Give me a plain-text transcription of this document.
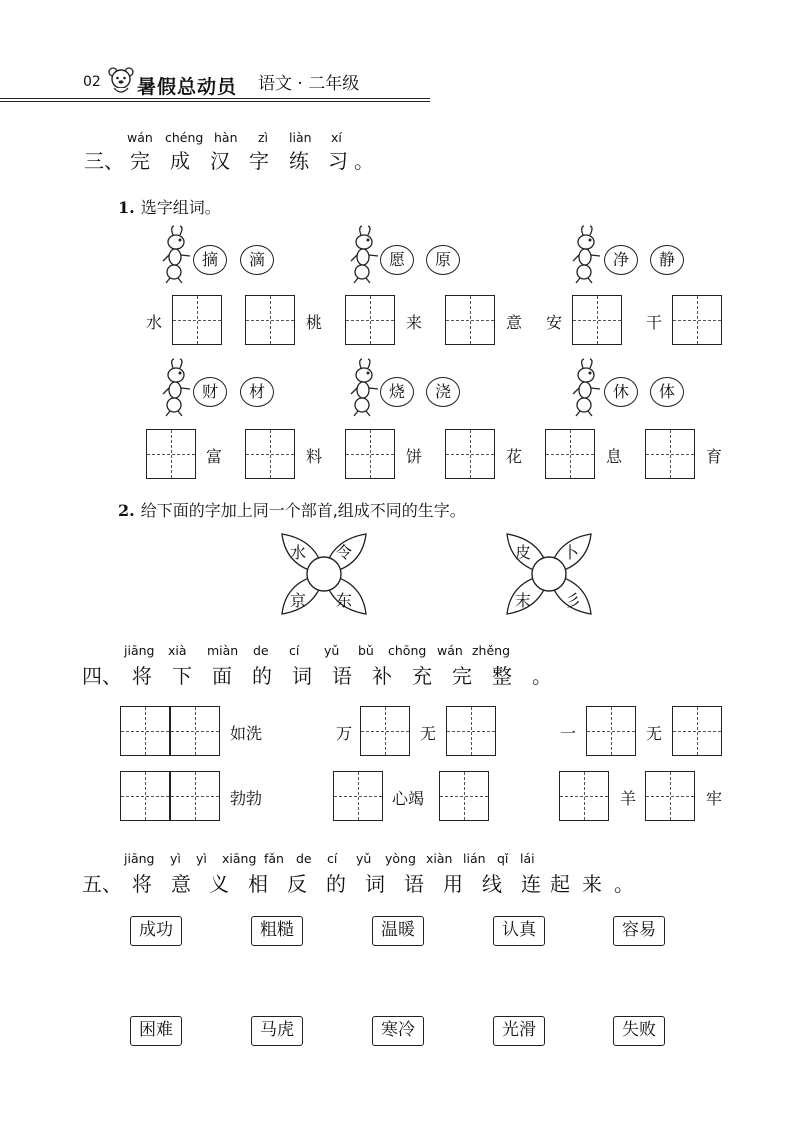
02 暑假总动员 语文 · 二年级
wán chéng hàn zì liàn xí
三、 完 成 汉 字 练 习 。
1. 选字组词。
摘	滴	愿	原	净	静
水	桃	来	意 安	干
财	材	烧	浇	休	体
富	料	饼	花	息	育
2. 给下面的字加上同一个部首,组成不同的生字。
水 令
京 东
皮 卜
末 彡
jiāng xià miàn de cí yǔ bǔ chōng wán zhěng
四、 将 下 面 的 词 语 补 充 完 整 。
如洗	万	无	一	无
勃勃	心竭	羊	牢
jiāng yì yì xiāng fǎn de cí yǔ yòng xiàn lián qǐ lái
五、 将 意 义 相 反 的 词 语 用 线 连 起 来 。
成功	粗糙	温暖	认真	容易
困难	马虎	寒冷	光滑	失败
